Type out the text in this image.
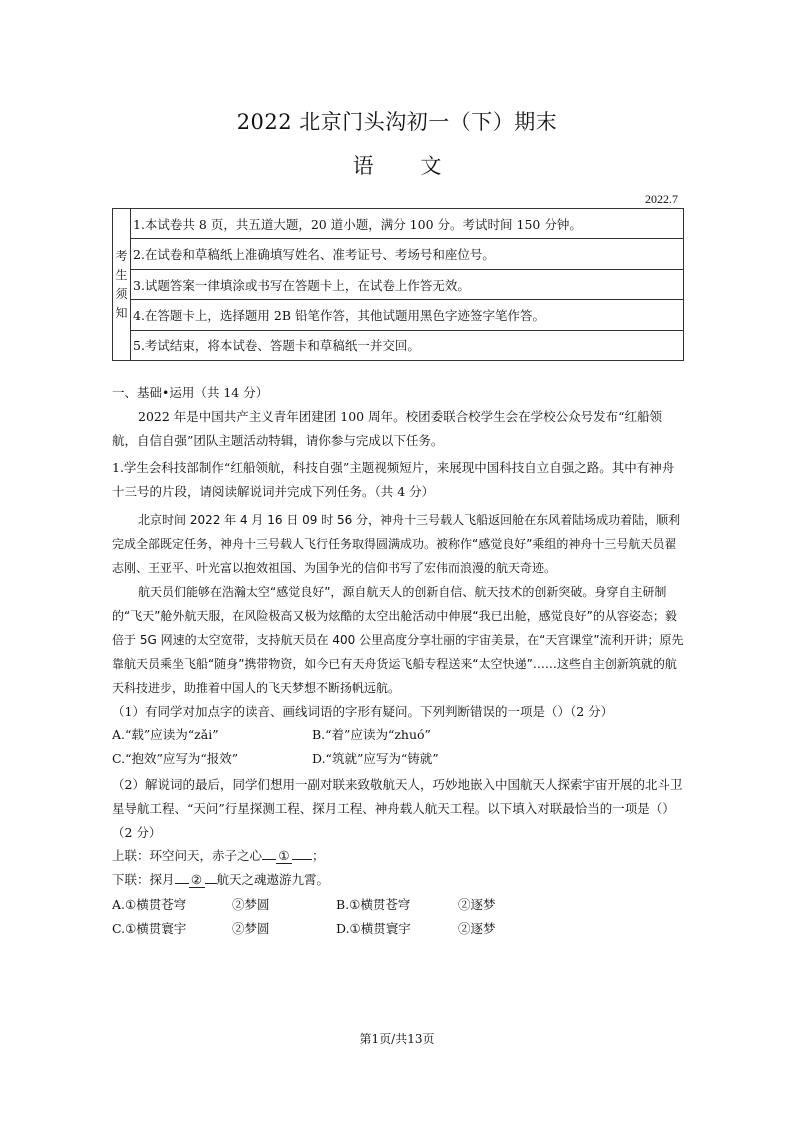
2022 北京门头沟初一（下）期末
语 文
2022.7
考
生
须
知
1.本试卷共 8 页，共五道大题，20 道小题，满分 100 分。考试时间 150 分钟。
2.在试卷和草稿纸上准确填写姓名、准考证号、考场号和座位号。
3.试题答案一律填涂或书写在答题卡上，在试卷上作答无效。
4.在答题卡上，选择题用 2B 铅笔作答，其他试题用黑色字迹签字笔作答。
5.考试结束，将本试卷、答题卡和草稿纸一并交回。
一、基础•运用（共 14 分）
2022 年是中国共产主义青年团建团 100 周年。校团委联合校学生会在学校公众号发布“红船领航，自信自强”团队主题活动特辑，请你参与完成以下任务。
1.学生会科技部制作“红船领航，科技自强”主题视频短片，来展现中国科技自立自强之路。其中有神舟十三号的片段，请阅读解说词并完成下列任务。（共 4 分）
北京时间 2022 年 4 月 16 日 09 时 56 分，神舟十三号载人飞船返回舱在东风着陆场成功着陆，顺利完成全部既定任务，神舟十三号载人飞行任务取得圆满成功。被称作“感觉良好”乘组的神舟十三号航天员翟志刚、王亚平、叶光富以抱效祖国、为国争光的信仰书写了宏伟而浪漫的航天奇迹。
航天员们能够在浩瀚太空“感觉良好”，源自航天人的创新自信、航天技术的创新突破。身穿自主研制的“飞天”舱外航天服，在风险极高又极为炫酷的太空出舱活动中伸展“我已出舱，感觉良好”的从容姿态；毅倍于 5G 网速的太空宽带，支持航天员在 400 公里高度分享壮丽的宇宙美景，在“天宫课堂”流利开讲；原先靠航天员乘坐飞船“随身”携带物资，如今已有天舟货运飞船专程送来“太空快递”……这些自主创新筑就的航天科技进步，助推着中国人的飞天梦想不断扬帆远航。
（1）有同学对加点字的读音、画线词语的字形有疑问。下列判断错误的一项是（）（2 分）
A.“载”应读为“zǎi”	B.“着”应读为“zhuó”
C.“抱效”应写为“报效”	D.“筑就”应写为“铸就”
（2）解说词的最后，同学们想用一副对联来致敬航天人，巧妙地嵌入中国航天人探索宇宙开展的北斗卫星导航工程、“天问”行星探测工程、探月工程、神舟载人航天工程。以下填入对联最恰当的一项是（）（2 分）
上联：环空问天，赤子之心 ① ；
下联：探月 ② 航天之魂遨游九霄。
A.①横贯苍穹	②梦圆	B.①横贯苍穹	②逐梦
C.①横贯寰宇	②梦圆	D.①横贯寰宇	②逐梦
第1页/共13页
